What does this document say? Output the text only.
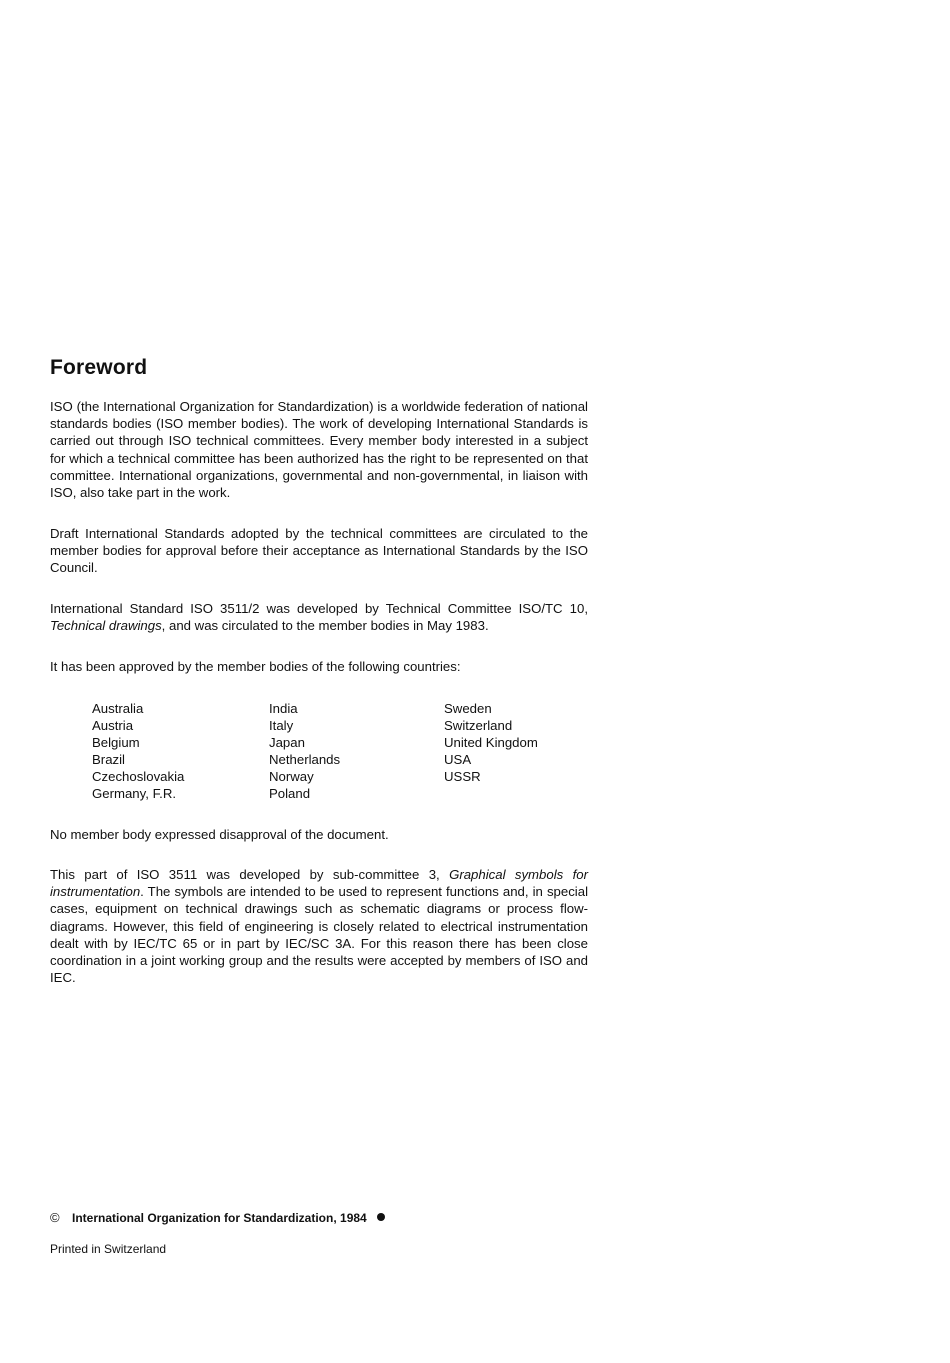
Foreword

ISO (the International Organization for Standardization) is a worldwide federation of national standards bodies (ISO member bodies). The work of developing International Standards is carried out through ISO technical committees. Every member body interested in a subject for which a technical committee has been authorized has the right to be represented on that committee. International organizations, governmental and non-governmental, in liaison with ISO, also take part in the work.

Draft International Standards adopted by the technical committees are circulated to the member bodies for approval before their acceptance as International Standards by the ISO Council.

International Standard ISO 3511/2 was developed by Technical Committee ISO/TC 10, Technical drawings, and was circulated to the member bodies in May 1983.

It has been approved by the member bodies of the following countries:

Australia
Austria
Belgium
Brazil
Czechoslovakia
Germany, F.R.
India
Italy
Japan
Netherlands
Norway
Poland
Sweden
Switzerland
United Kingdom
USA
USSR

No member body expressed disapproval of the document.

This part of ISO 3511 was developed by sub-committee 3, Graphical symbols for instrumentation. The symbols are intended to be used to represent functions and, in special cases, equipment on technical drawings such as schematic diagrams or process flow-diagrams. However, this field of engineering is closely related to electrical instrumentation dealt with by IEC/TC 65 or in part by IEC/SC 3A. For this reason there has been close coordination in a joint working group and the results were accepted by members of ISO and IEC.

© International Organization for Standardization, 1984
Printed in Switzerland
